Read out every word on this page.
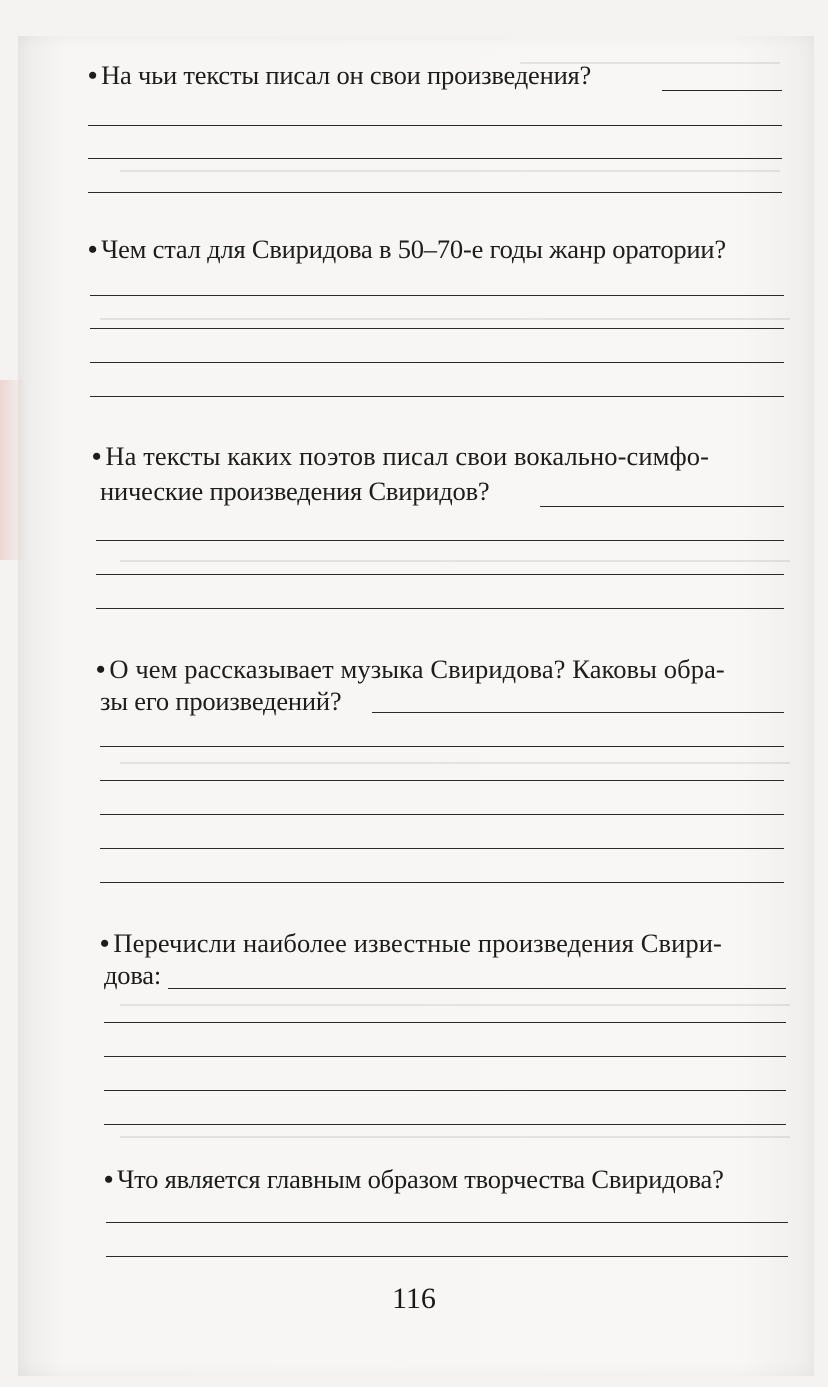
• На чьи тексты писал он свои произведения?
• Чем стал для Свиридова в 50–70-е годы жанр оратории?
• На тексты каких поэтов писал свои вокально-симфо-
нические произведения Свиридов?
• О чем рассказывает музыка Свиридова? Каковы обра-
зы его произведений?
• Перечисли наиболее известные произведения Свири-
дова:
• Что является главным образом творчества Свиридова?
116
